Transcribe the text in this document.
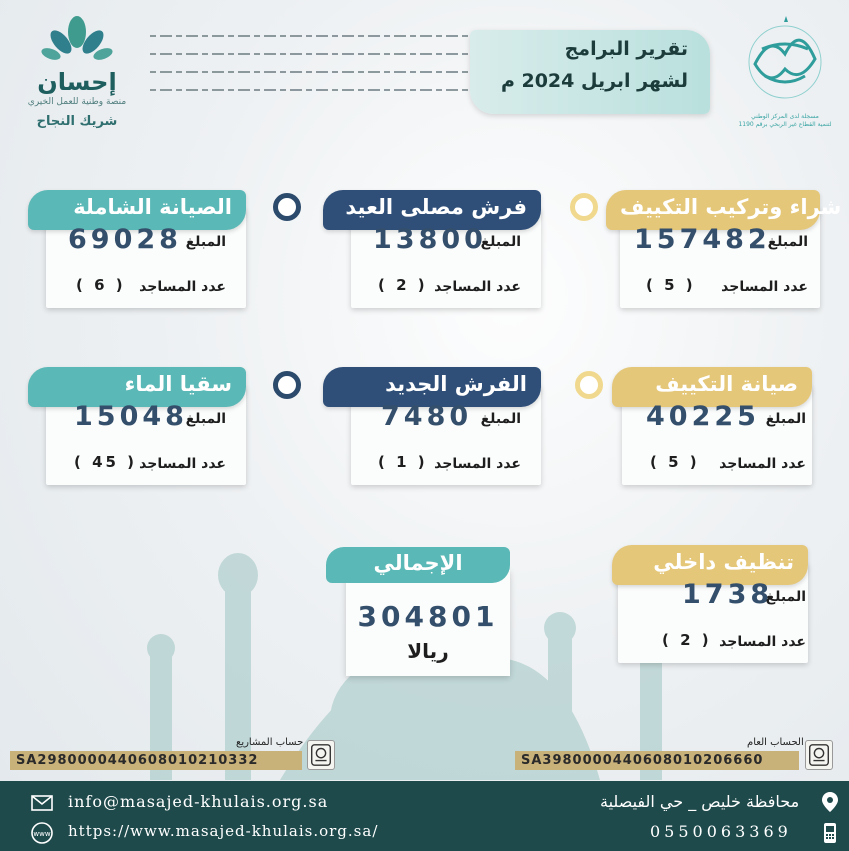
إحسان
منصة وطنية للعمل الخيري
شريك النجاح
تقرير البرامج
لشهر ابريل 2024 م
مسجلة لدى المركز الوطني
لتنمية القطاع غير الربحي برقم 1190
شراء وتركيب التكييف
157482
المبلغ
( 5 ) عدد المساجد
فرش مصلى العيد
13800
المبلغ
( 2 ) عدد المساجد
الصيانة الشاملة
69028 المبلغ
( 6 ) عدد المساجد
صيانة التكييف
40225 المبلغ
( 5 ) عدد المساجد
الفرش الجديد
7480 المبلغ
( 1 ) عدد المساجد
سقيا الماء
15048
المبلغ
( 45 ) عدد المساجد
تنظيف داخلي
1738
المبلغ
( 2 ) عدد المساجد
304801
ريالا
الإجمالي
حساب المشاريع
SA2980000440608010210332
الحساب العام
SA3980000440608010206660
info@masajed-khulais.org.sa
www https://www.masajed-khulais.org.sa/
محافظة خليص _ حي الفيصلية
0550063369
